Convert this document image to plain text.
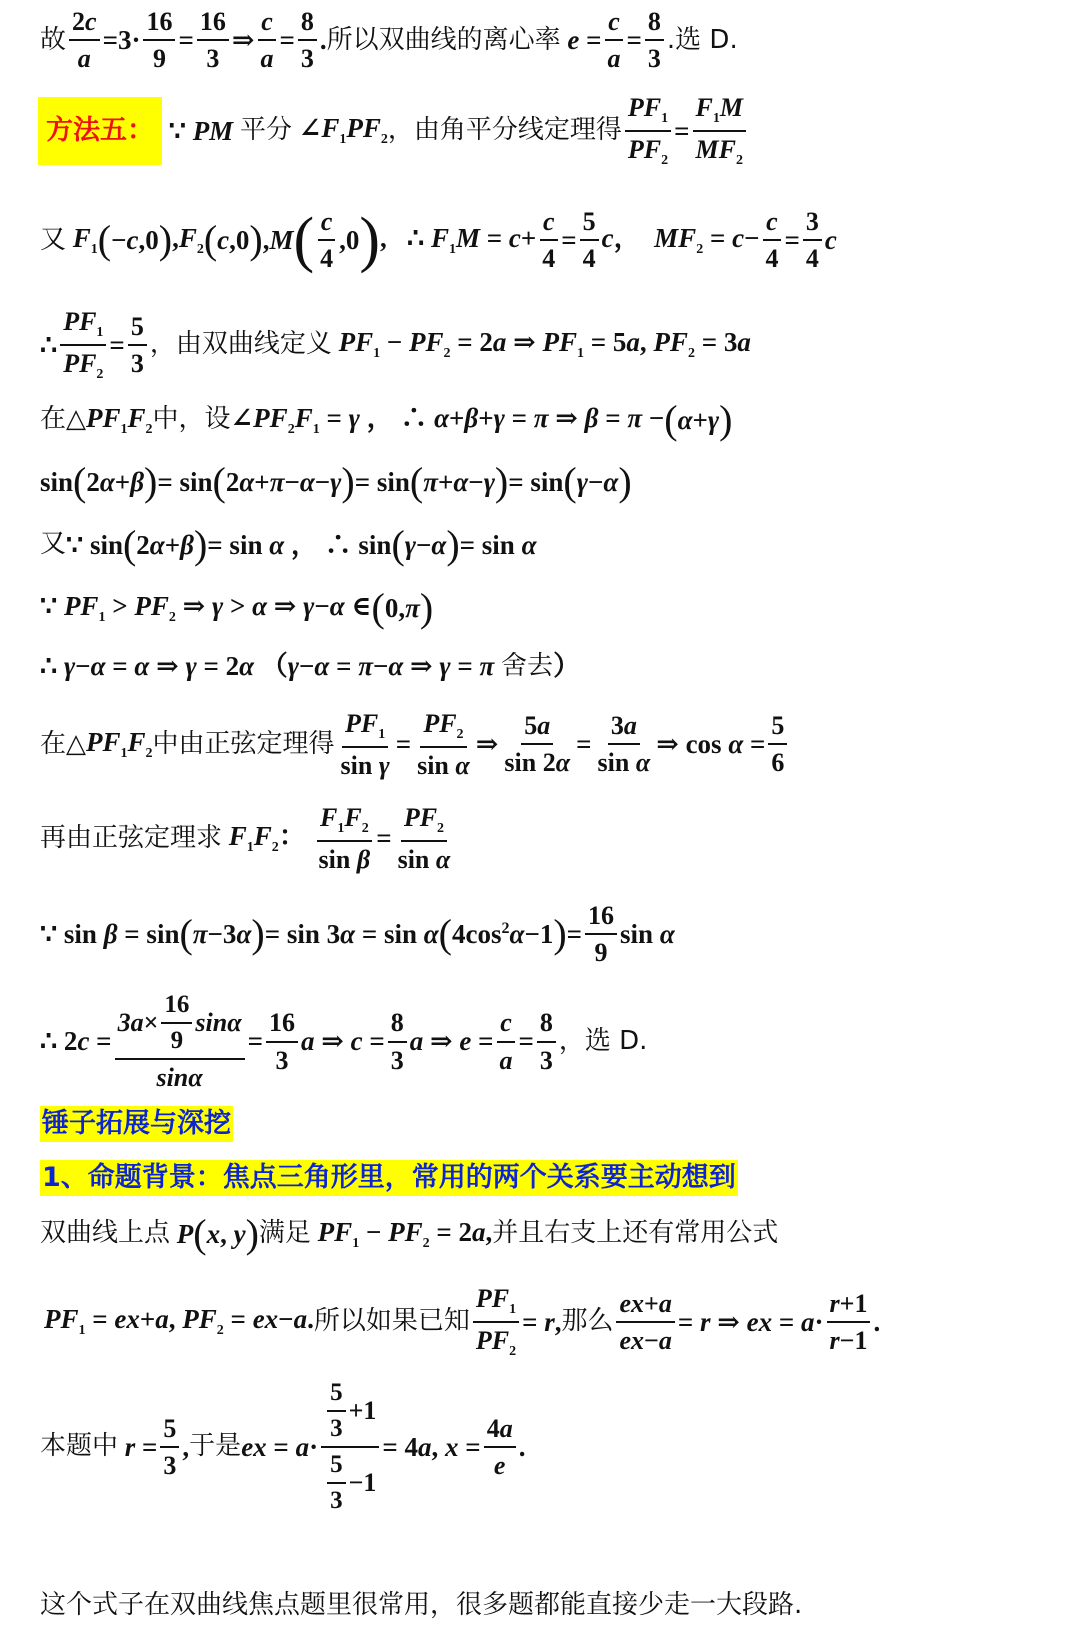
故 $\frac{2c}{a} =3\cdot \frac{16}{9} = \frac{16}{3}$ ⇒ $\frac{c}{a} = \frac{8}{3}$ . 所以双曲线的离心率 $e = \frac{c}{a} = \frac{8}{3}$ .选 D.
方法五： ∵ PM 平分 $\angle F_1PF_2$ ，由角平分线定理得 $\frac{PF_1}{PF_2} = \frac{F_1M}{MF_2}$
又 $F_1$ ( −c,0 ) $,F_2$ ( c,0 ) ,M ( $\frac{c}{4} ,0$ ) ,   ∴ $F_1M = c+ \frac{c}{4} = \frac{5}{4}$ c，  $MF_2 = c- \frac{c}{4} = \frac{3}{4}$ c
∴ $\frac{PF_1}{PF_2} = \frac{5}{3}$ ，由双曲线定义 $PF_1 - PF_2 = 2a$ ⇒ $PF_1 = 5a$, $PF_2 = 3a$
在△ $PF_1F_2$ 中，设 $\angle PF_2F_1 = \gamma$ ， ∴ α+β+γ = π ⇒ β = π − ( α+γ )
sin ( 2α+β ) = sin ( 2α+π−α−γ ) = sin ( π+α−γ ) = sin ( γ−α )
又 ∵ sin ( 2α+β ) = sin α ， ∴ sin ( γ−α ) = sin α
∵ $PF_1 > PF_2$ ⇒ γ > α ⇒ γ−α ∈ ( 0,π )
∴ γ−α = α ⇒ γ = 2α （γ−α = π−α ⇒ γ = π 舍去 ）
在△ $PF_1F_2$ 中由正弦定理得 $\frac{PF_1}{\text{sin γ}} = \frac{PF_2}{\text{sin α}}$ ⇒ $\frac{5a}{\sin 2\alpha} = \frac{3a}{\text{sin α}}$ ⇒ $\cos \alpha = \frac{5}{6}$
再由正弦定理求 $F_1F_2$： $\frac{F_1F_2}{\text{sin β}} = \frac{PF_2}{\text{sin α}}$
∵ sin β = sin ( π−3α ) = sin 3α = sin α ( $4\cos^2\alpha-1$ ) = $\frac{16}{9}$ sin α
∴ $2c = \frac{3a\times \frac{16}{9} \sin\alpha}{\sin\alpha} = \frac{16}{3}$ a ⇒ $c = \frac{8}{3}$ a ⇒ $e = \frac{c}{a} = \frac{8}{3}$ ，选 D.
锤子拓展与深挖
1、命题背景：焦点三角形里，常用的两个关系要主动想到
双曲线上点 P ( x, y ) 满足 $PF_1 - PF_2 = 2a$, 并且右支上还有常用公式
$PF_1 = ex+a$, $PF_2 = ex-a$. 所以如果已知 $\frac{PF_1}{PF_2} = r$, 那么 $\frac{ex+a}{ex-a} = r$ ⇒ ex = $a\cdot \frac{r+1}{r-1}$ .
本题中 $r = \frac{5}{3}$ , 于是 ex = $a\cdot \frac{\frac{5}{3} +1}{\frac{5}{3} -1} = 4a$, $x = \frac{4a}{e}$ .
这个式子在双曲线焦点题里很常用，很多题都能直接少走一大段路.
